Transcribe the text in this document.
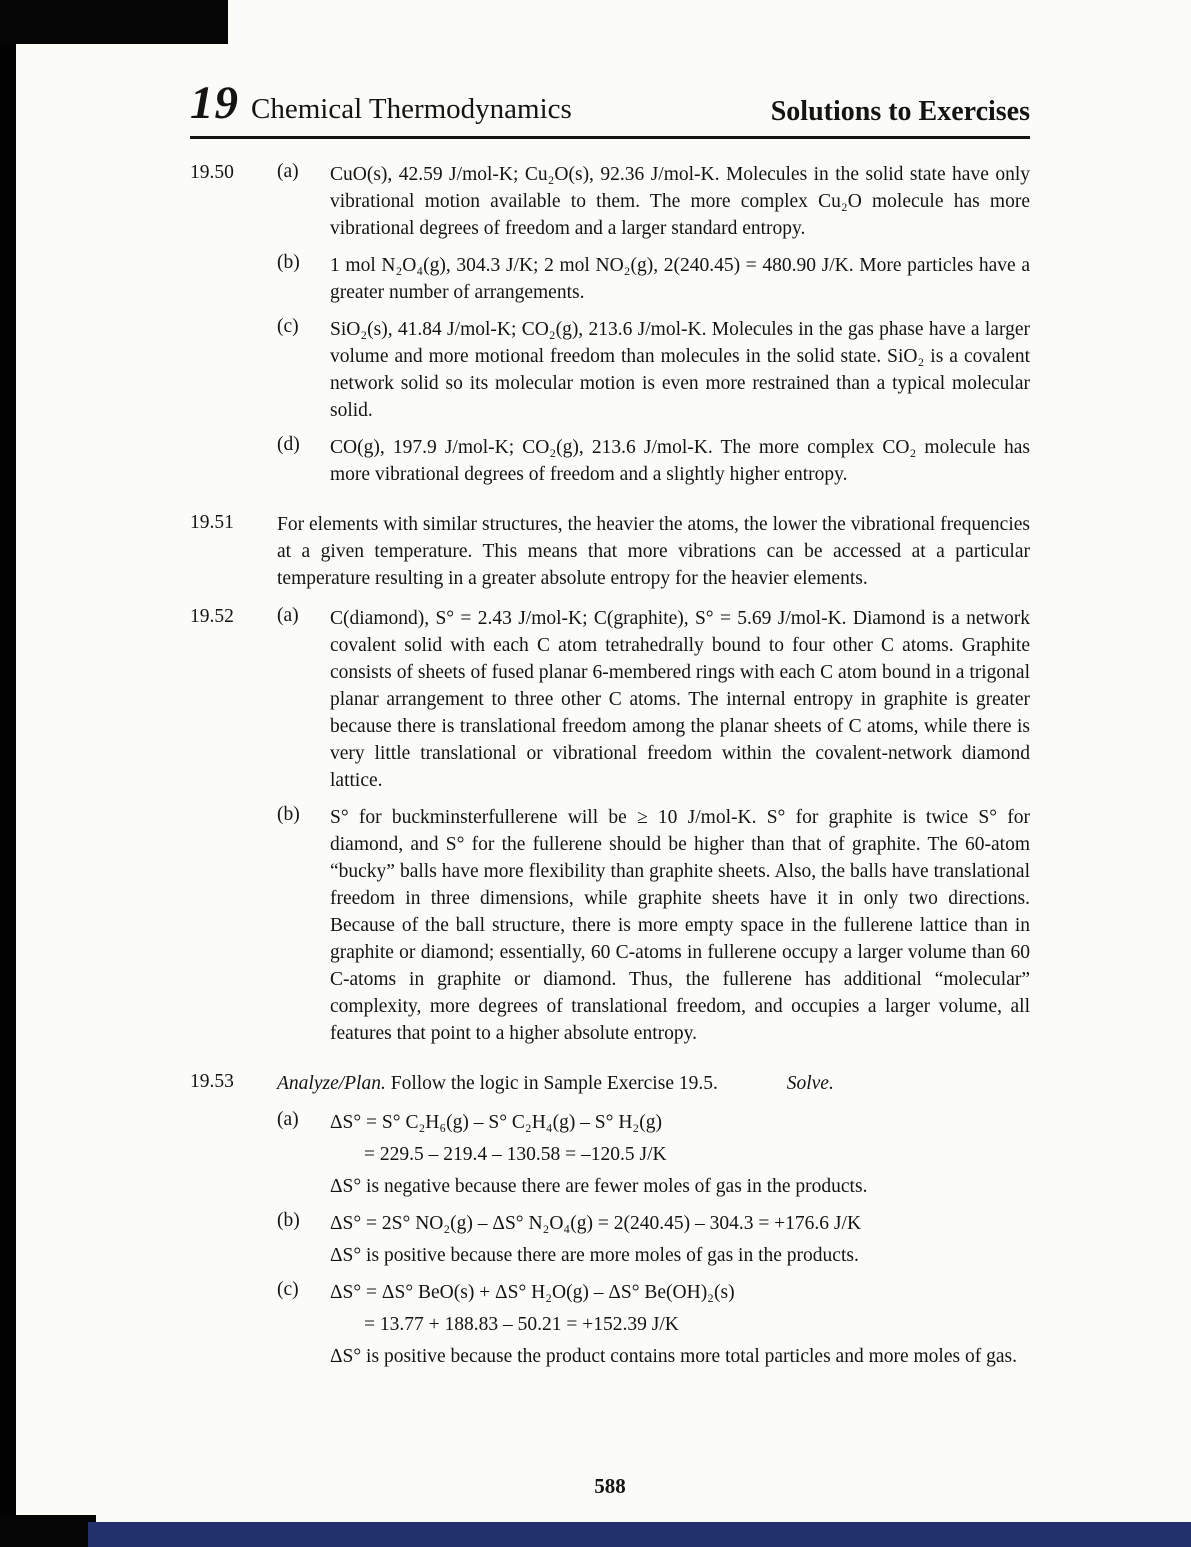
19 Chemical Thermodynamics	Solutions to Exercises
19.50	(a)	CuO(s), 42.59 J/mol-K; Cu₂O(s), 92.36 J/mol-K. Molecules in the solid state have only vibrational motion available to them. The more complex Cu₂O molecule has more vibrational degrees of freedom and a larger standard entropy.

(b)	1 mol N₂O₄(g), 304.3 J/K; 2 mol NO₂(g), 2(240.45) = 480.90 J/K. More particles have a greater number of arrangements.

(c)	SiO₂(s), 41.84 J/mol-K; CO₂(g), 213.6 J/mol-K. Molecules in the gas phase have a larger volume and more motional freedom than molecules in the solid state. SiO₂ is a covalent network solid so its molecular motion is even more restrained than a typical molecular solid.

(d)	CO(g), 197.9 J/mol-K; CO₂(g), 213.6 J/mol-K. The more complex CO₂ molecule has more vibrational degrees of freedom and a slightly higher entropy.

19.51	For elements with similar structures, the heavier the atoms, the lower the vibrational frequencies at a given temperature. This means that more vibrations can be accessed at a particular temperature resulting in a greater absolute entropy for the heavier elements.

19.52	(a)	C(diamond), S° = 2.43 J/mol-K; C(graphite), S° = 5.69 J/mol-K. Diamond is a network covalent solid with each C atom tetrahedrally bound to four other C atoms. Graphite consists of sheets of fused planar 6-membered rings with each C atom bound in a trigonal planar arrangement to three other C atoms. The internal entropy in graphite is greater because there is translational freedom among the planar sheets of C atoms, while there is very little translational or vibrational freedom within the covalent-network diamond lattice.

(b)	S° for buckminsterfullerene will be ≥ 10 J/mol-K. S° for graphite is twice S° for diamond, and S° for the fullerene should be higher than that of graphite. The 60-atom “bucky” balls have more flexibility than graphite sheets. Also, the balls have translational freedom in three dimensions, while graphite sheets have it in only two directions. Because of the ball structure, there is more empty space in the fullerene lattice than in graphite or diamond; essentially, 60 C-atoms in fullerene occupy a larger volume than 60 C-atoms in graphite or diamond. Thus, the fullerene has additional “molecular” complexity, more degrees of translational freedom, and occupies a larger volume, all features that point to a higher absolute entropy.

19.53	Analyze/Plan. Follow the logic in Sample Exercise 19.5.	Solve.

(a)	ΔS° = S° C₂H₆(g) – S° C₂H₄(g) – S° H₂(g)
= 229.5 – 219.4 – 130.58 = –120.5 J/K

ΔS° is negative because there are fewer moles of gas in the products.

(b)	ΔS° = 2S° NO₂(g) – ΔS° N₂O₄(g) = 2(240.45) – 304.3 = +176.6 J/K

ΔS° is positive because there are more moles of gas in the products.

(c)	ΔS° = ΔS° BeO(s) + ΔS° H₂O(g) – ΔS° Be(OH)₂(s)
= 13.77 + 188.83 – 50.21 = +152.39 J/K

ΔS° is positive because the product contains more total particles and more moles of gas.

588
